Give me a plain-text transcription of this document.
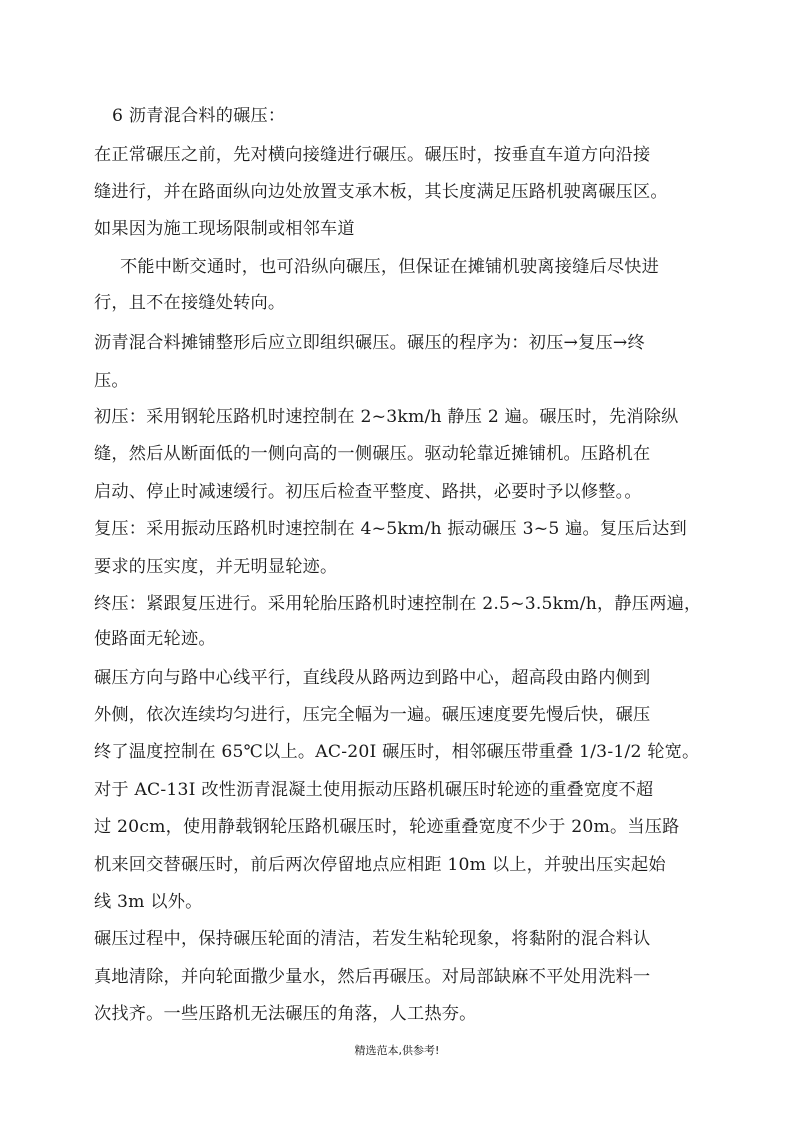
6 沥青混合料的碾压：
在正常碾压之前，先对横向接缝进行碾压。碾压时，按垂直车道方向沿接
缝进行，并在路面纵向边处放置支承木板，其长度满足压路机驶离碾压区。
如果因为施工现场限制或相邻车道
不能中断交通时，也可沿纵向碾压，但保证在摊铺机驶离接缝后尽快进
行，且不在接缝处转向。
沥青混合料摊铺整形后应立即组织碾压。碾压的程序为：初压→复压→终
压。
初压：采用钢轮压路机时速控制在 2~3km/h 静压 2 遍。碾压时，先消除纵
缝，然后从断面低的一侧向高的一侧碾压。驱动轮靠近摊铺机。压路机在
启动、停止时减速缓行。初压后检查平整度、路拱，必要时予以修整。。
复压：采用振动压路机时速控制在 4~5km/h 振动碾压 3~5 遍。复压后达到
要求的压实度，并无明显轮迹。
终压：紧跟复压进行。采用轮胎压路机时速控制在 2.5~3.5km/h，静压两遍，
使路面无轮迹。
碾压方向与路中心线平行，直线段从路两边到路中心，超高段由路内侧到
外侧，依次连续均匀进行，压完全幅为一遍。碾压速度要先慢后快，碾压
终了温度控制在 65℃以上。AC-20I 碾压时，相邻碾压带重叠 1/3-1/2 轮宽。
对于 AC-13I 改性沥青混凝土使用振动压路机碾压时轮迹的重叠宽度不超
过 20cm，使用静载钢轮压路机碾压时，轮迹重叠宽度不少于 20m。当压路
机来回交替碾压时，前后两次停留地点应相距 10m 以上，并驶出压实起始
线 3m 以外。
碾压过程中，保持碾压轮面的清洁，若发生粘轮现象，将黏附的混合料认
真地清除，并向轮面撒少量水，然后再碾压。对局部缺麻不平处用洗料一
次找齐。一些压路机无法碾压的角落，人工热夯。
精选范本,供参考!
